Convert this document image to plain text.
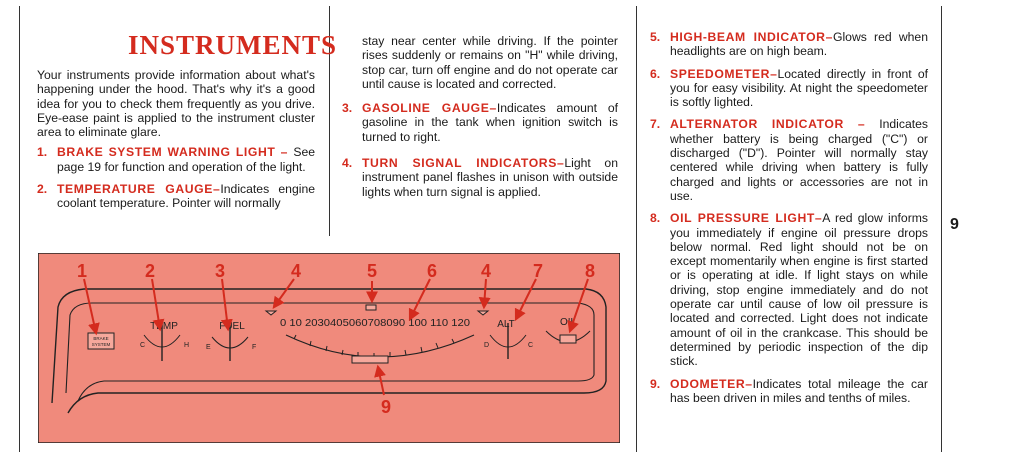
INSTRUMENTS

Your instruments provide information about what's happening under the hood. That's why it's a good idea for you to check them frequently as you drive. Eye-ease paint is applied to the instrument cluster area to eliminate glare.

1. BRAKE SYSTEM WARNING LIGHT – See page 19 for function and operation of the light.
2. TEMPERATURE GAUGE–Indicates engine coolant temperature. Pointer will normally

stay near center while driving. If the pointer rises suddenly or remains on "H" while driving, stop car, turn off engine and do not operate car until cause is located and corrected.

3. GASOLINE GAUGE–Indicates amount of gasoline in the tank when ignition switch is turned to right.
4. TURN SIGNAL INDICATORS–Light on instrument panel flashes in unison with outside lights when turn signal is applied.
5. HIGH-BEAM INDICATOR–Glows red when headlights are on high beam.
6. SPEEDOMETER–Located directly in front of you for easy visibility. At night the speedometer is softly lighted.
7. ALTERNATOR INDICATOR – Indicates whether battery is being charged ("C") or discharged ("D"). Pointer will normally stay centered while driving when battery is fully charged and lights or accessories are not in use.
8. OIL PRESSURE LIGHT–A red glow informs you immediately if engine oil pressure drops below normal. Red light should not be on except momentarily when engine is first started or is operating at idle. If light stays on while driving, stop engine immediately and do not operate car until cause of low oil pressure is located and corrected. Light does not indicate amount of oil in the crankcase. This should be determined by periodic inspection of the dip stick.
9. ODOMETER–Indicates total mileage the car has been driven in miles and tenths of miles.
9
BRAKE
SYSTEM
TEMP
C	H
FUEL
E	F
0 10 2030405060708090 100 110 120	ALT
D	C
OIL
1	2	3	4	5	6 4 7 8
9
